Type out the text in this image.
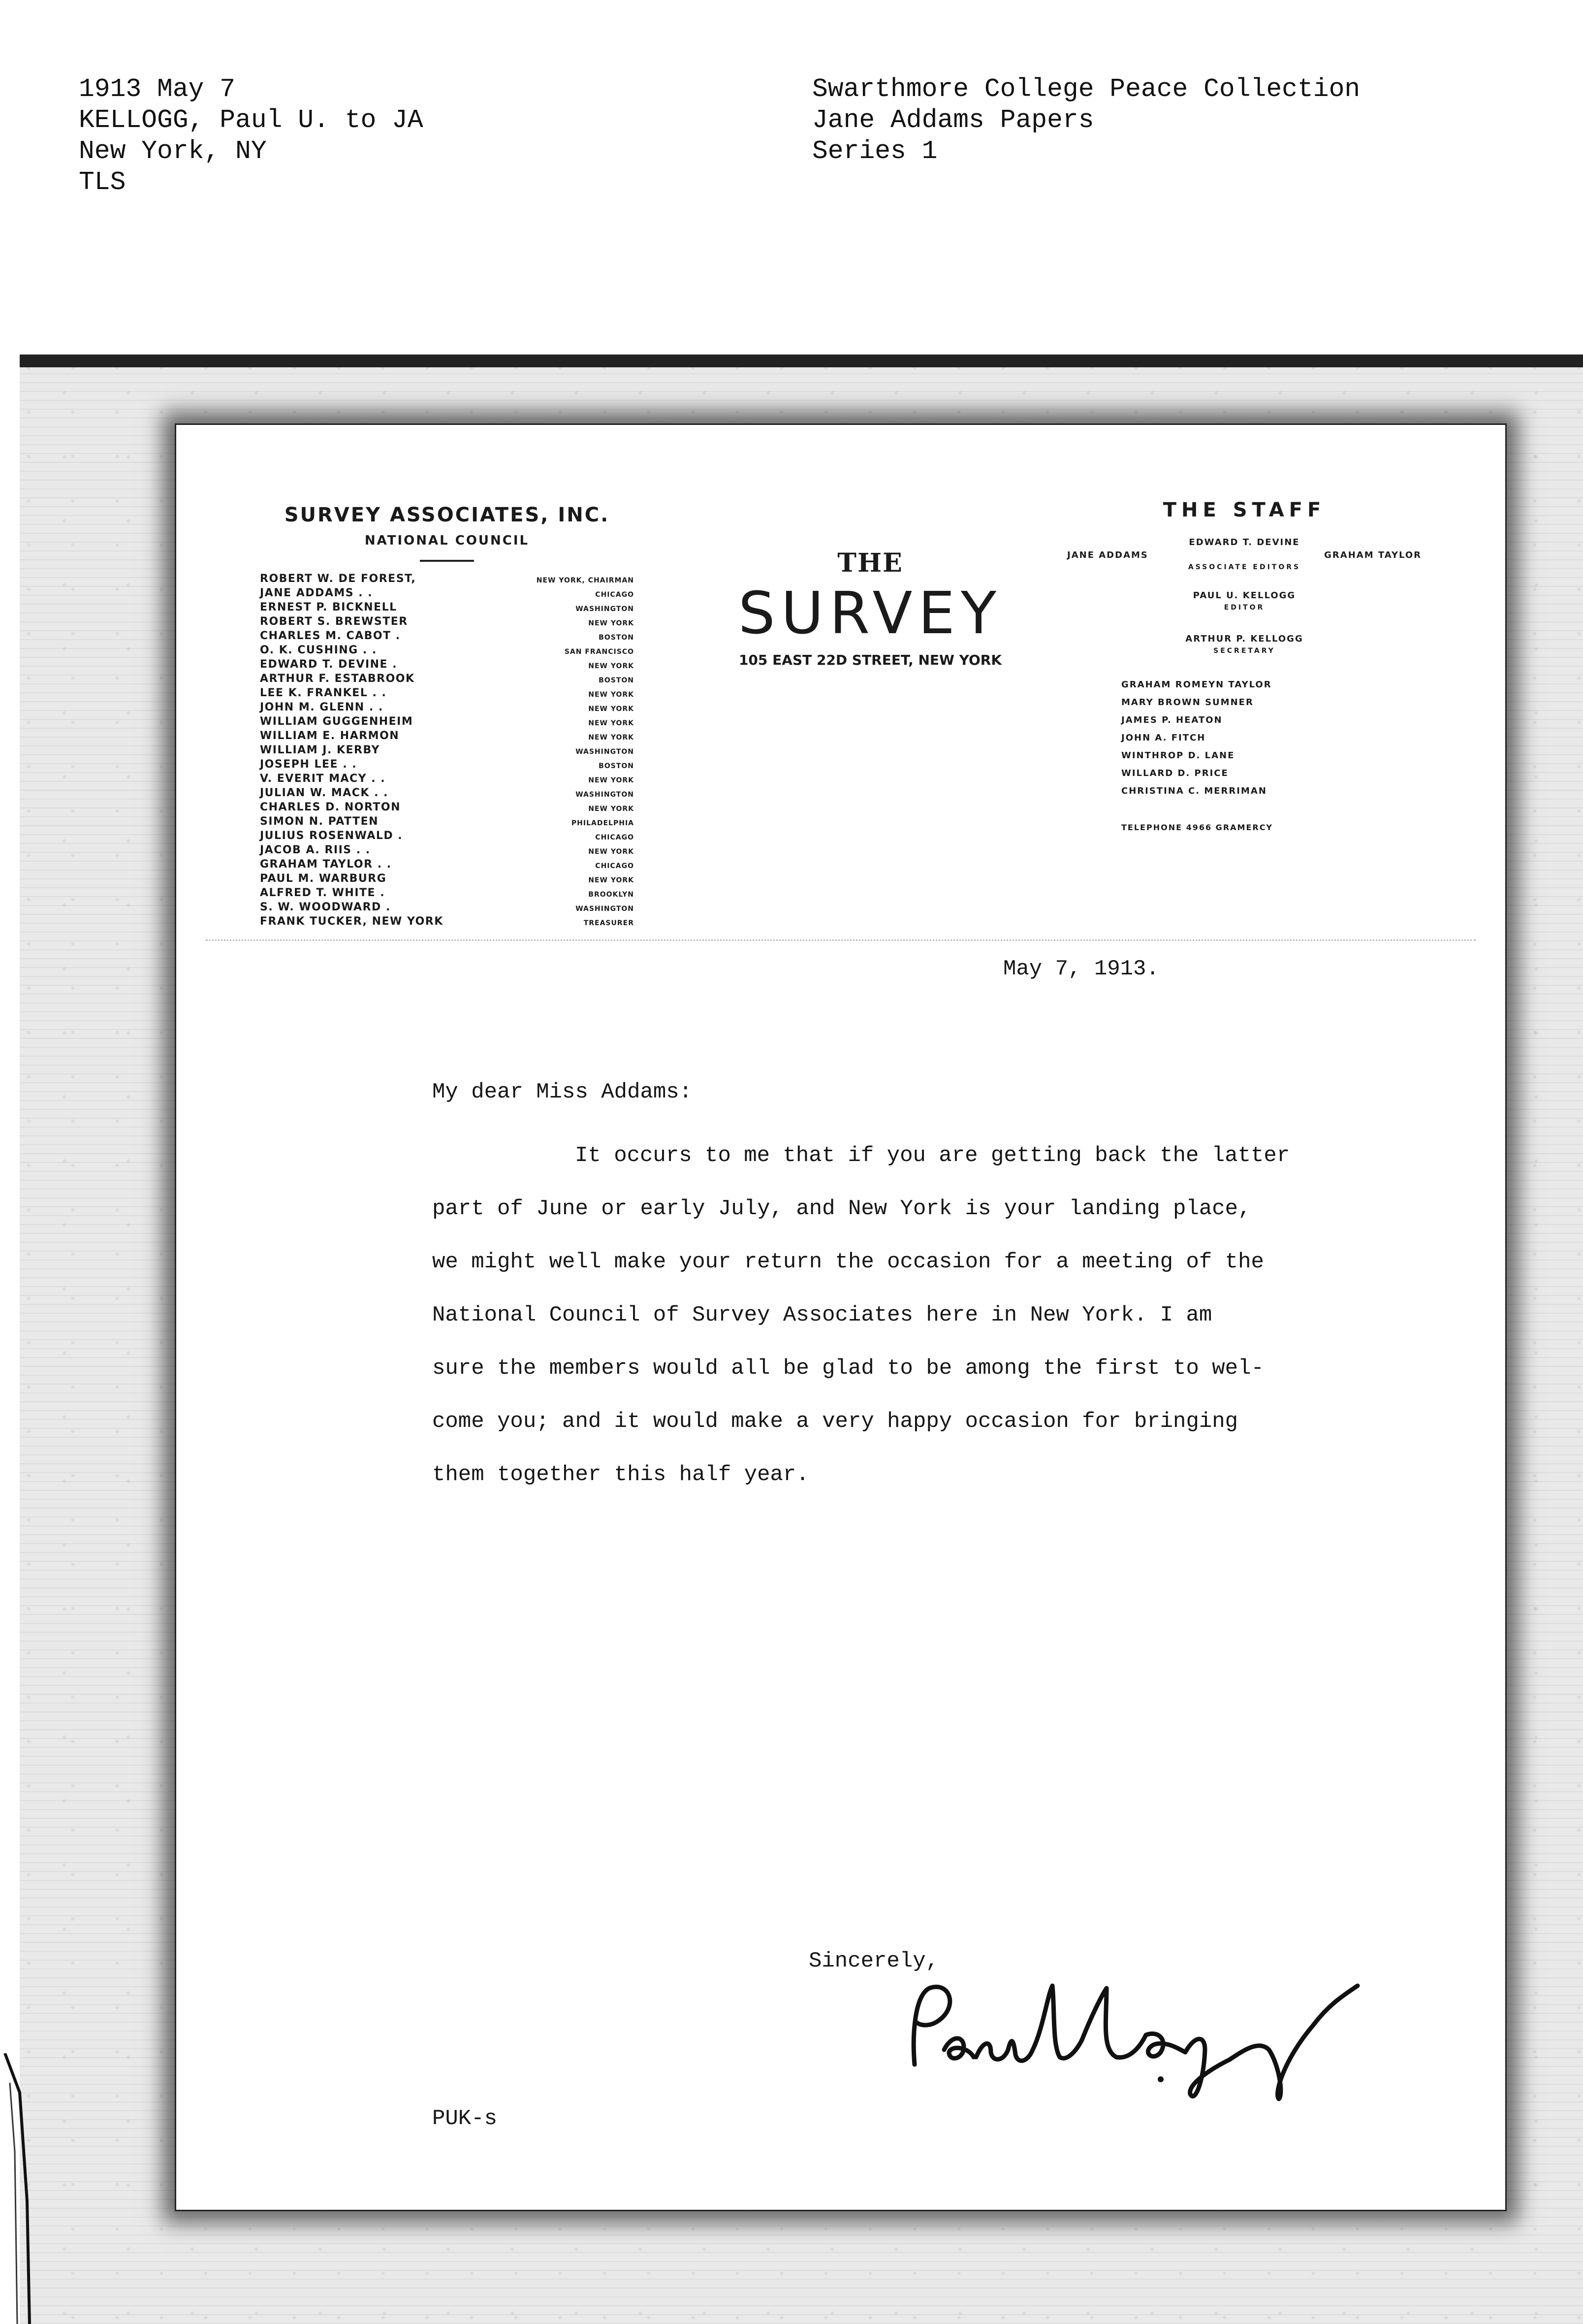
1913 May 7
KELLOGG, Paul U. to JA
New York, NY
TLS
Swarthmore College Peace Collection
Jane Addams Papers
Series 1
SURVEY ASSOCIATES, INC.
NATIONAL COUNCIL
ROBERT W. DE FOREST,	NEW YORK, CHAIRMAN
JANE ADDAMS . .	CHICAGO
ERNEST P. BICKNELL	WASHINGTON
ROBERT S. BREWSTER	NEW YORK
CHARLES M. CABOT .	BOSTON
O. K. CUSHING . .	SAN FRANCISCO
EDWARD T. DEVINE .	NEW YORK
ARTHUR F. ESTABROOK	BOSTON
LEE K. FRANKEL . .	NEW YORK
JOHN M. GLENN . .	NEW YORK
WILLIAM GUGGENHEIM	NEW YORK
WILLIAM E. HARMON	NEW YORK
WILLIAM J. KERBY	WASHINGTON
JOSEPH LEE . .	BOSTON
V. EVERIT MACY . .	NEW YORK
JULIAN W. MACK . .	WASHINGTON
CHARLES D. NORTON	NEW YORK
SIMON N. PATTEN	PHILADELPHIA
JULIUS ROSENWALD .	CHICAGO
JACOB A. RIIS . .	NEW YORK
GRAHAM TAYLOR . .	CHICAGO
PAUL M. WARBURG	NEW YORK
ALFRED T. WHITE .	BROOKLYN
S. W. WOODWARD .	WASHINGTON
FRANK TUCKER, NEW YORK	TREASURER
THE
SURVEY
105 EAST 22D STREET, NEW YORK
THE STAFF
EDWARD T. DEVINE
JANE ADDAMS	GRAHAM TAYLOR
ASSOCIATE EDITORS
PAUL U. KELLOGG
EDITOR
ARTHUR P. KELLOGG
SECRETARY
GRAHAM ROMEYN TAYLOR
MARY BROWN SUMNER
JAMES P. HEATON
JOHN A. FITCH
WINTHROP D. LANE
WILLARD D. PRICE
CHRISTINA C. MERRIMAN
TELEPHONE 4966 GRAMERCY
May 7, 1913.
My dear Miss Addams:
It occurs to me that if you are getting back the latter
part of June or early July, and New York is your landing place,
we might well make your return the occasion for a meeting of the
National Council of Survey Associates here in New York. I am
sure the members would all be glad to be among the first to wel-
come you; and it would make a very happy occasion for bringing
them together this half year.
Sincerely,
PUK-s
